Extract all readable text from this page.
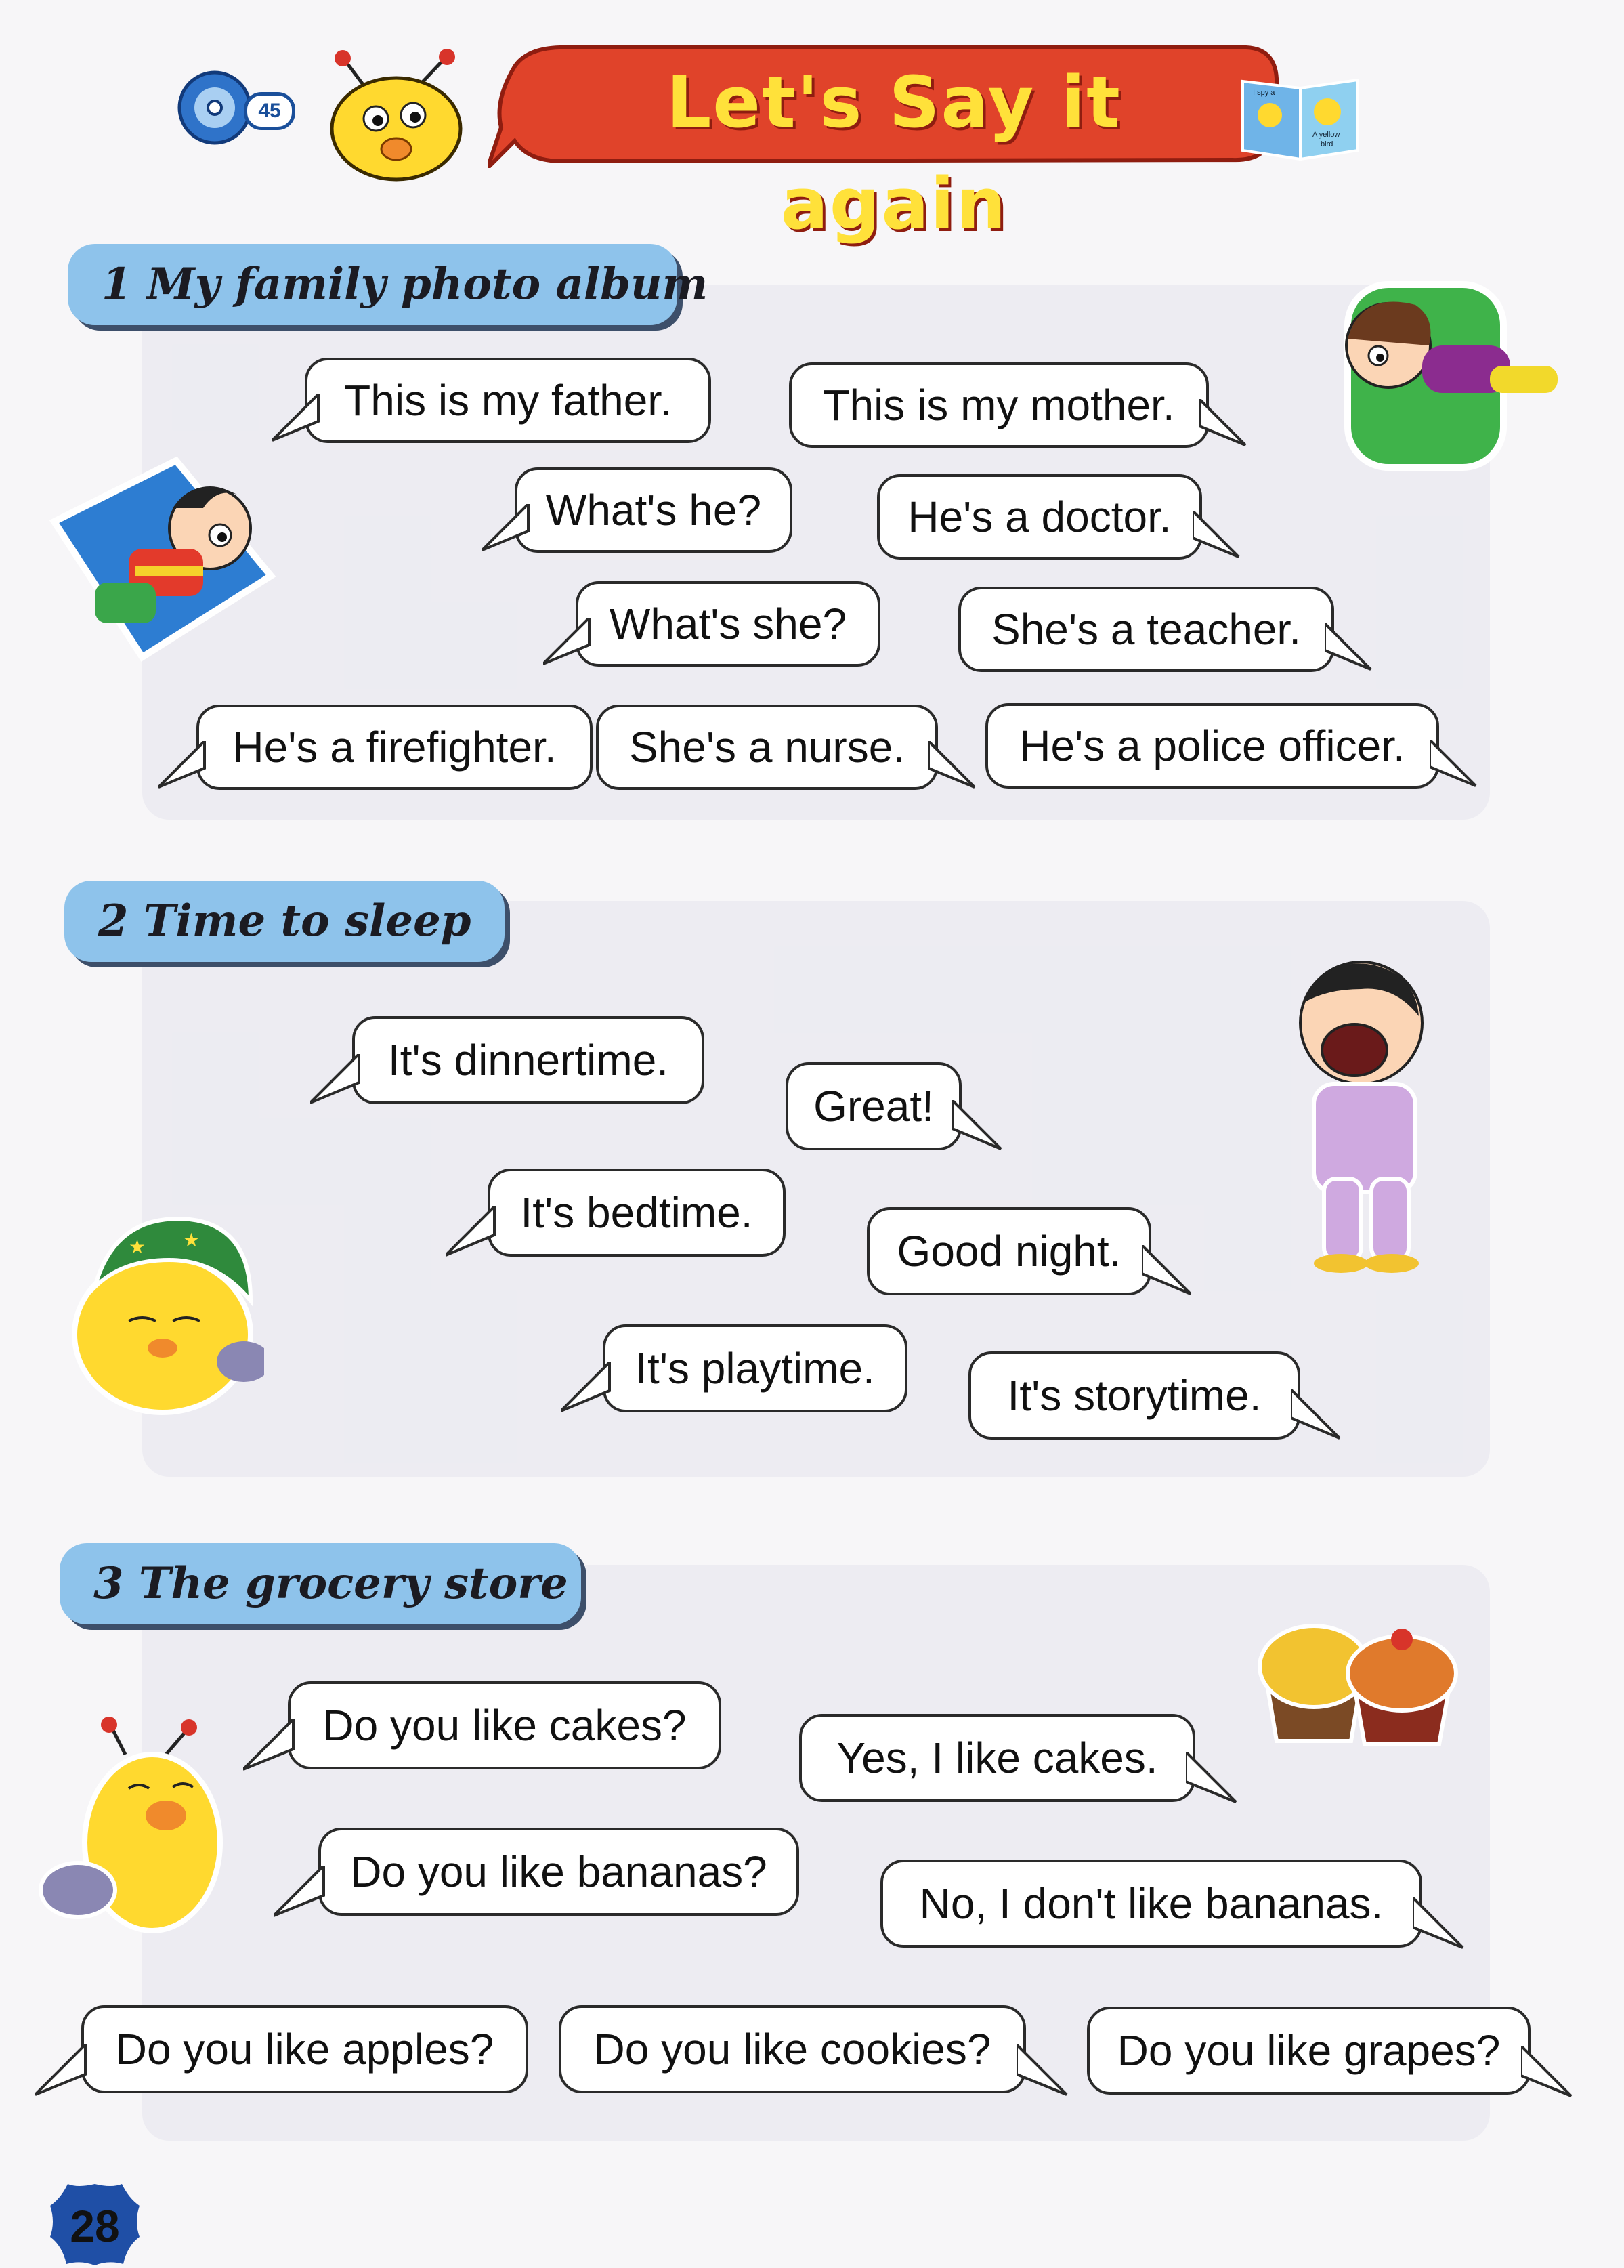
45	Let's Say it again
A yellow
bird
I spy a
1 My family photo album
This is my father.	This is my mother.
What's he?	He's a doctor.
What's she?	She's a teacher.
He's a firefighter. She's a nurse.	He's a police officer.
2 Time to sleep
★ ★
It's dinnertime.
Great!
It's bedtime.
Good night.
It's playtime.
It's storytime.
3 The grocery store
Do you like cakes?
Yes, I like cakes.
Do you like bananas?
No, I don't like bananas.
Do you like apples? Do you like cookies?	Do you like grapes?
28
